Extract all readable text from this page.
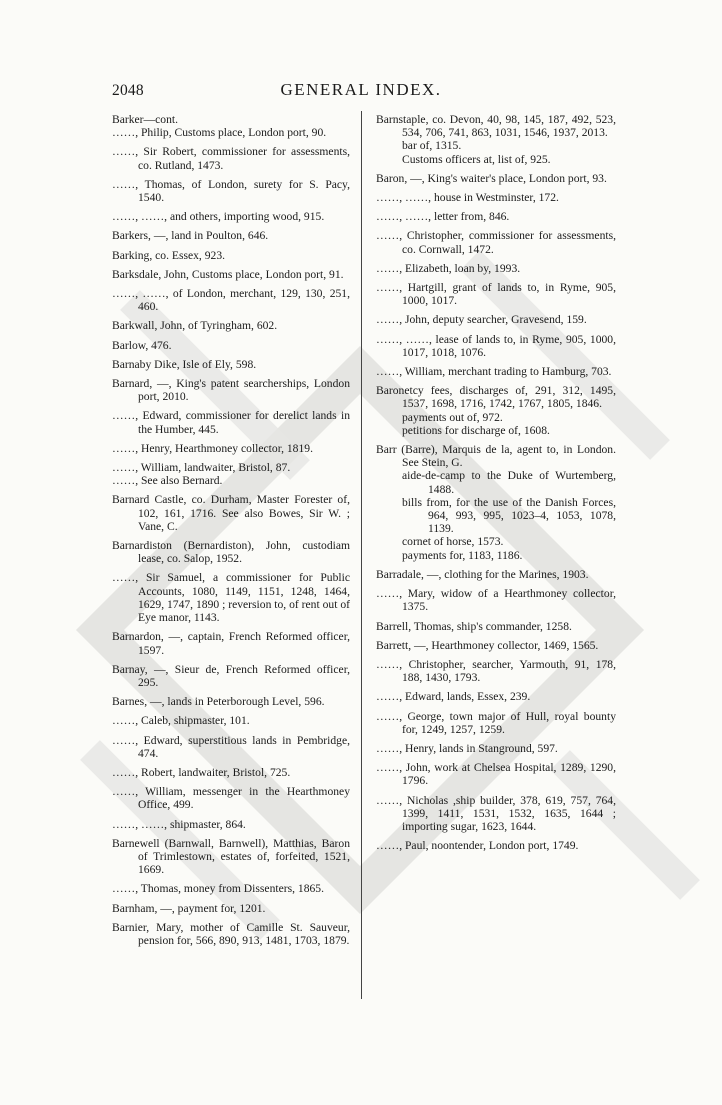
2048	GENERAL INDEX.
Barker—cont.
……, Philip, Customs place, London port, 90.
……, Sir Robert, commissioner for assessments, co. Rutland, 1473.
……, Thomas, of London, surety for S. Pacy, 1540.
……, ……, and others, importing wood, 915.
Barkers, —, land in Poulton, 646.
Barking, co. Essex, 923.
Barksdale, John, Customs place, London port, 91.
……, ……, of London, merchant, 129, 130, 251, 460.
Barkwall, John, of Tyringham, 602.
Barlow, 476.
Barnaby Dike, Isle of Ely, 598.
Barnard, —, King's patent searcherships, London port, 2010.
……, Edward, commissioner for derelict lands in the Humber, 445.
……, Henry, Hearthmoney collector, 1819.
……, William, landwaiter, Bristol, 87.
……, See also Bernard.
Barnard Castle, co. Durham, Master Forester of, 102, 161, 1716. See also Bowes, Sir W. ; Vane, C.
Barnardiston (Bernardiston), John, custodiam lease, co. Salop, 1952.
……, Sir Samuel, a commissioner for Public Accounts, 1080, 1149, 1151, 1248, 1464, 1629, 1747, 1890 ; reversion to, of rent out of Eye manor, 1143.
Barnardon, —, captain, French Reformed officer, 1597.
Barnay, —, Sieur de, French Reformed officer, 295.
Barnes, —, lands in Peterborough Level, 596.
……, Caleb, shipmaster, 101.
……, Edward, superstitious lands in Pembridge, 474.
……, Robert, landwaiter, Bristol, 725.
……, William, messenger in the Hearthmoney Office, 499.
……, ……, shipmaster, 864.
Barnewell (Barnwall, Barnwell), Matthias, Baron of Trimlestown, estates of, forfeited, 1521, 1669.
……, Thomas, money from Dissenters, 1865.
Barnham, —, payment for, 1201.
Barnier, Mary, mother of Camille St. Sauveur, pension for, 566, 890, 913, 1481, 1703, 1879.
Barnstaple, co. Devon, 40, 98, 145, 187, 492, 523, 534, 706, 741, 863, 1031, 1546, 1937, 2013.
bar of, 1315.
Customs officers at, list of, 925.
Baron, —, King's waiter's place, London port, 93.
……, ……, house in Westminster, 172.
……, ……, letter from, 846.
……, Christopher, commissioner for assessments, co. Cornwall, 1472.
……, Elizabeth, loan by, 1993.
……, Hartgill, grant of lands to, in Ryme, 905, 1000, 1017.
……, John, deputy searcher, Gravesend, 159.
……, ……, lease of lands to, in Ryme, 905, 1000, 1017, 1018, 1076.
……, William, merchant trading to Hamburg, 703.
Baronetcy fees, discharges of, 291, 312, 1495, 1537, 1698, 1716, 1742, 1767, 1805, 1846.
payments out of, 972.
petitions for discharge of, 1608.
Barr (Barre), Marquis de la, agent to, in London. See Stein, G.
aide-de-camp to the Duke of Wurtemberg, 1488.
bills from, for the use of the Danish Forces, 964, 993, 995, 1023–4, 1053, 1078, 1139.
cornet of horse, 1573.
payments for, 1183, 1186.
Barradale, —, clothing for the Marines, 1903.
……, Mary, widow of a Hearthmoney collector, 1375.
Barrell, Thomas, ship's commander, 1258.
Barrett, —, Hearthmoney collector, 1469, 1565.
……, Christopher, searcher, Yarmouth, 91, 178, 188, 1430, 1793.
……, Edward, lands, Essex, 239.
……, George, town major of Hull, royal bounty for, 1249, 1257, 1259.
……, Henry, lands in Stanground, 597.
……, John, work at Chelsea Hospital, 1289, 1290, 1796.
……, Nicholas ,ship builder, 378, 619, 757, 764, 1399, 1411, 1531, 1532, 1635, 1644 ; importing sugar, 1623, 1644.
……, Paul, noontender, London port, 1749.
